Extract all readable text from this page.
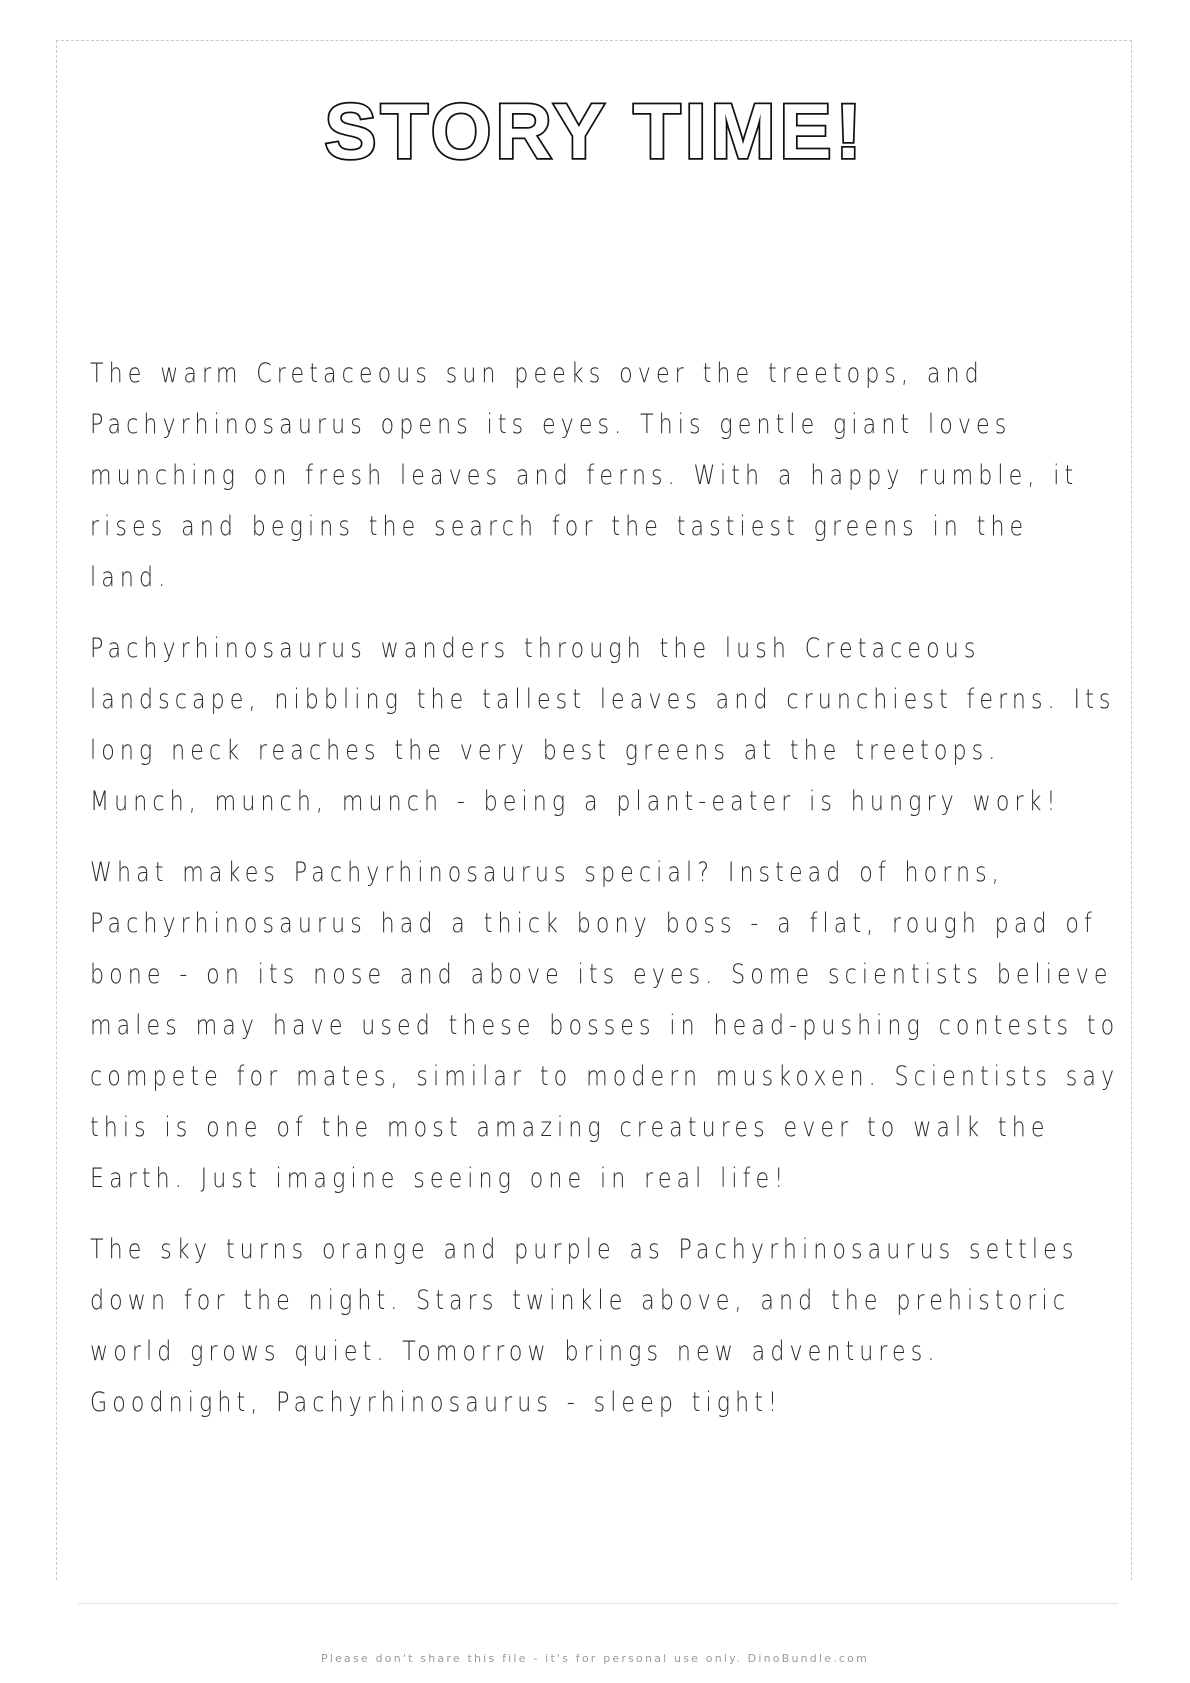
STORY TIME!

The warm Cretaceous sun peeks over the treetops, and Pachyrhinosaurus opens its eyes. This gentle giant loves munching on fresh leaves and ferns. With a happy rumble, it rises and begins the search for the tastiest greens in the land.

Pachyrhinosaurus wanders through the lush Cretaceous landscape, nibbling the tallest leaves and crunchiest ferns. Its long neck reaches the very best greens at the treetops. Munch, munch, munch - being a plant-eater is hungry work!

What makes Pachyrhinosaurus special? Instead of horns, Pachyrhinosaurus had a thick bony boss - a flat, rough pad of bone - on its nose and above its eyes. Some scientists believe males may have used these bosses in head-pushing contests to compete for mates, similar to modern muskoxen. Scientists say this is one of the most amazing creatures ever to walk the Earth. Just imagine seeing one in real life!

The sky turns orange and purple as Pachyrhinosaurus settles down for the night. Stars twinkle above, and the prehistoric world grows quiet. Tomorrow brings new adventures. Goodnight, Pachyrhinosaurus - sleep tight!

Please don't share this file - it's for personal use only. DinoBundle.com
